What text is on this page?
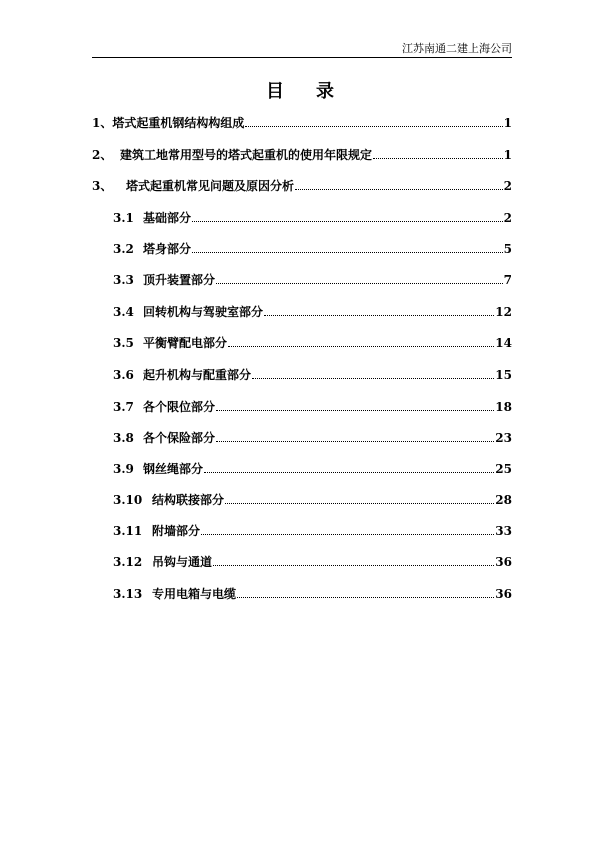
江苏南通二建上海公司
目录
1、 塔式起重机钢结构构组成	1
2、 建筑工地常用型号的塔式起重机的使用年限规定	1
3、	塔式起重机常见问题及原因分析	2
3.1 基础部分	2
3.2 塔身部分	5
3.3 顶升装置部分	7
3.4 回转机构与驾驶室部分	12
3.5 平衡臂配电部分	14
3.6 起升机构与配重部分	15
3.7 各个限位部分	18
3.8 各个保险部分	23
3.9 钢丝绳部分	25
3.10 结构联接部分	28
3.11 附墙部分	33
3.12 吊钩与通道	36
3.13 专用电箱与电缆	36
